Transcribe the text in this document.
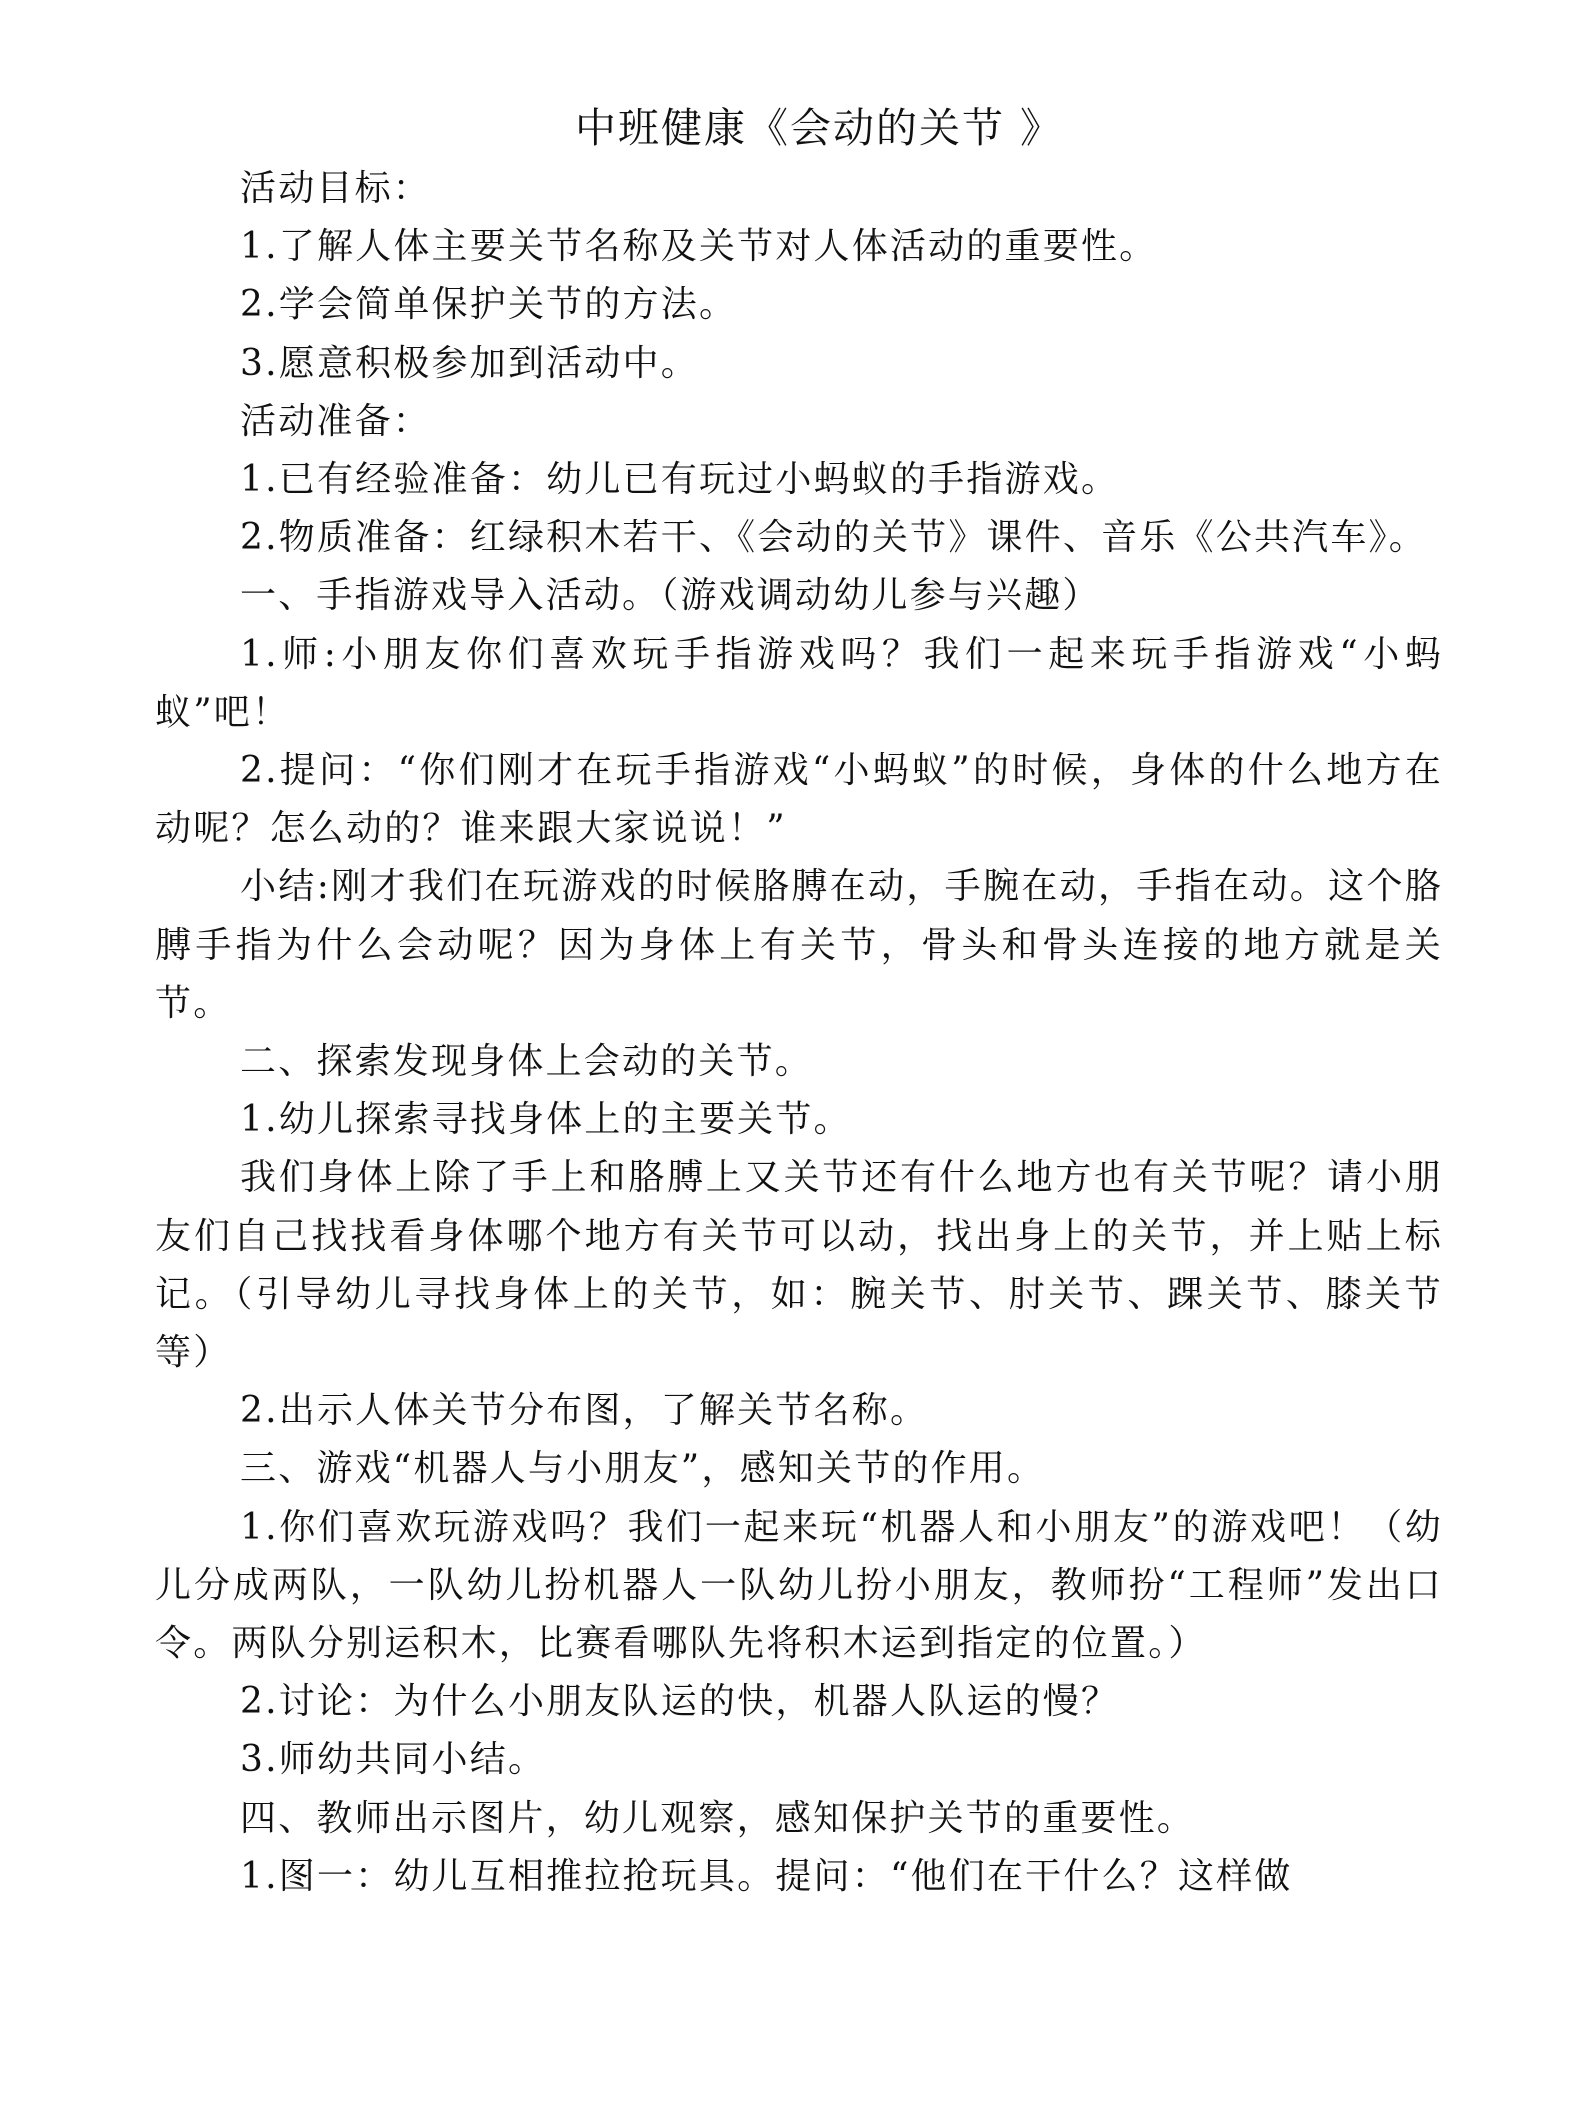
中班健康《会动的关节 》

活动目标：

1.了解人体主要关节名称及关节对人体活动的重要性。

2.学会简单保护关节的方法。

3.愿意积极参加到活动中。

活动准备：

1.已有经验准备：幼儿已有玩过小蚂蚁的手指游戏。

2.物质准备：红绿积木若干、《会动的关节》课件、音乐《公共汽车》。

一、手指游戏导入活动。（游戏调动幼儿参与兴趣）

1.师:小朋友你们喜欢玩手指游戏吗？我们一起来玩手指游戏“小蚂蚁”吧！

2.提问：“你们刚才在玩手指游戏“小蚂蚁”的时候，身体的什么地方在动呢？怎么动的？谁来跟大家说说！”

小结:刚才我们在玩游戏的时候胳膊在动，手腕在动，手指在动。这个胳膊手指为什么会动呢？因为身体上有关节，骨头和骨头连接的地方就是关节。

二、探索发现身体上会动的关节。

1.幼儿探索寻找身体上的主要关节。

我们身体上除了手上和胳膊上又关节还有什么地方也有关节呢？请小朋友们自己找找看身体哪个地方有关节可以动，找出身上的关节，并上贴上标记。（引导幼儿寻找身体上的关节，如：腕关节、肘关节、踝关节、膝关节等）

2.出示人体关节分布图，了解关节名称。

三、游戏“机器人与小朋友”，感知关节的作用。

1.你们喜欢玩游戏吗？我们一起来玩“机器人和小朋友”的游戏吧！（幼儿分成两队，一队幼儿扮机器人一队幼儿扮小朋友，教师扮“工程师”发出口令。两队分别运积木，比赛看哪队先将积木运到指定的位置。）

2.讨论：为什么小朋友队运的快，机器人队运的慢？

3.师幼共同小结。

四、教师出示图片，幼儿观察，感知保护关节的重要性。

1.图一：幼儿互相推拉抢玩具。提问：“他们在干什么？这样做
